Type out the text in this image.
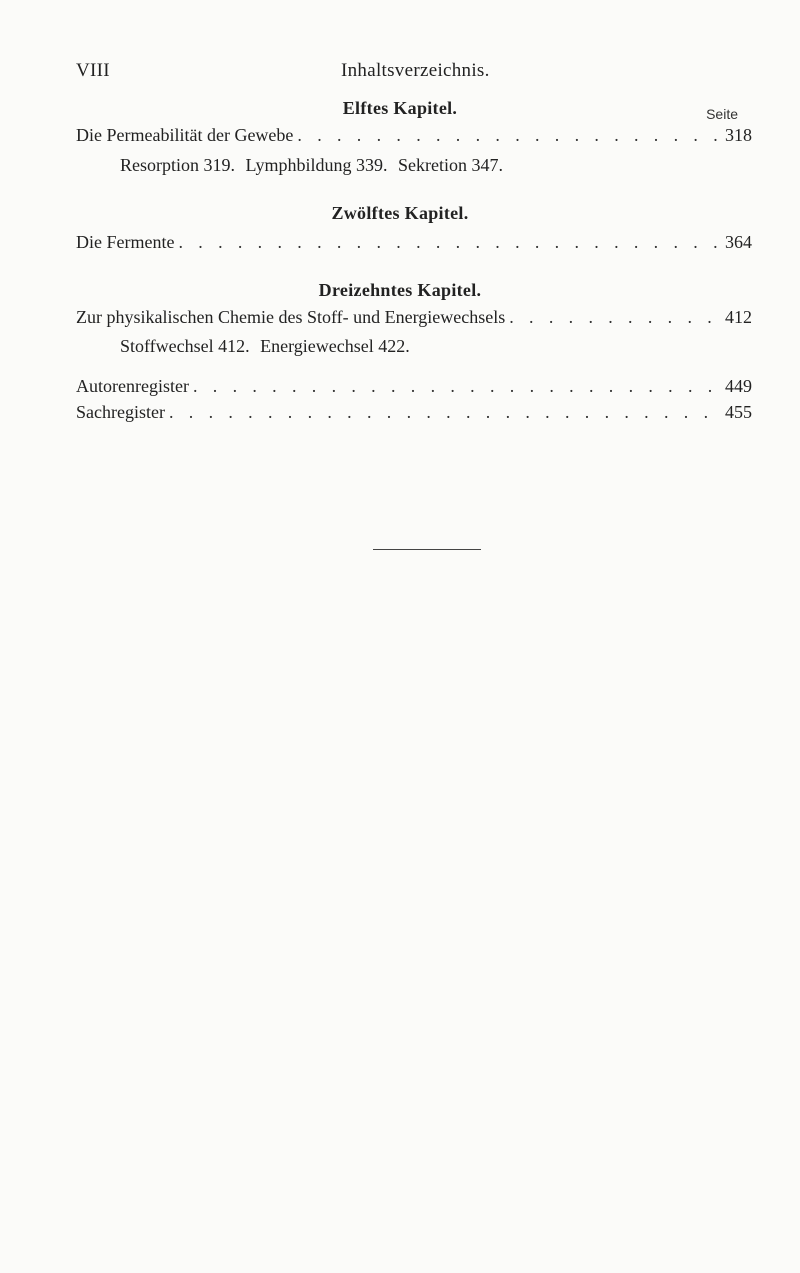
VIII	Inhaltsverzeichnis.
Elftes Kapitel.	Seite
Die Permeabilität der Gewebe . . .	318
Resorption 319. Lymphbildung 339. Sekretion 347.
Zwölftes Kapitel.
Die Fermente . . .	364
Dreizehntes Kapitel.
Zur physikalischen Chemie des Stoff- und Energiewechsels . . .	412
Stoffwechsel 412. Energiewechsel 422.
Autorenregister . . .	449
Sachregister . . .	455
